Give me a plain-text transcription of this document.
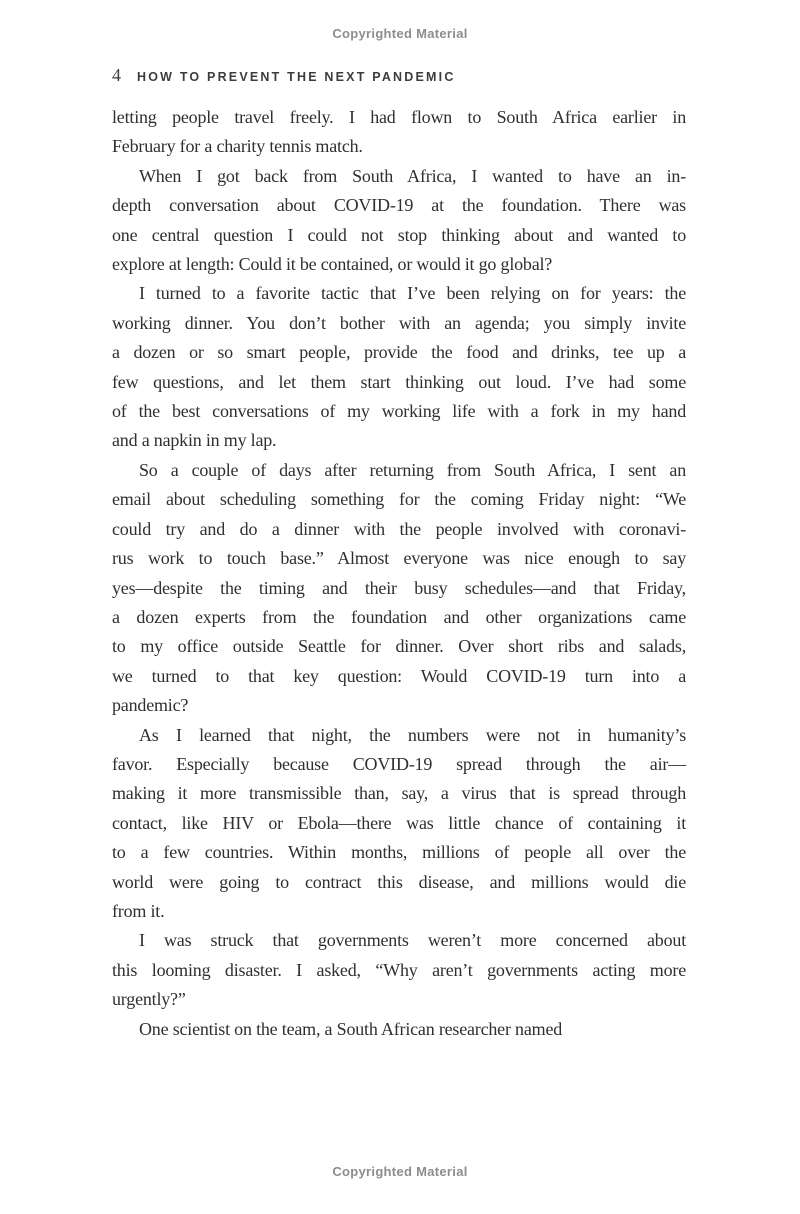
Copyrighted Material
4 HOW TO PREVENT THE NEXT PANDEMIC
letting people travel freely. I had flown to South Africa earlier in
February for a charity tennis match.
When I got back from South Africa, I wanted to have an in-
depth conversation about COVID-19 at the foundation. There was
one central question I could not stop thinking about and wanted to
explore at length: Could it be contained, or would it go global?
I turned to a favorite tactic that I’ve been relying on for years: the
working dinner. You don’t bother with an agenda; you simply invite
a dozen or so smart people, provide the food and drinks, tee up a
few questions, and let them start thinking out loud. I’ve had some
of the best conversations of my working life with a fork in my hand
and a napkin in my lap.
So a couple of days after returning from South Africa, I sent an
email about scheduling something for the coming Friday night: “We
could try and do a dinner with the people involved with coronavi-
rus work to touch base.” Almost everyone was nice enough to say
yes—despite the timing and their busy schedules—and that Friday,
a dozen experts from the foundation and other organizations came
to my office outside Seattle for dinner. Over short ribs and salads,
we turned to that key question: Would COVID-19 turn into a
pandemic?
As I learned that night, the numbers were not in humanity’s
favor. Especially because COVID-19 spread through the air—
making it more transmissible than, say, a virus that is spread through
contact, like HIV or Ebola—there was little chance of containing it
to a few countries. Within months, millions of people all over the
world were going to contract this disease, and millions would die
from it.
I was struck that governments weren’t more concerned about
this looming disaster. I asked, “Why aren’t governments acting more
urgently?”
One scientist on the team, a South African researcher named
Copyrighted Material
